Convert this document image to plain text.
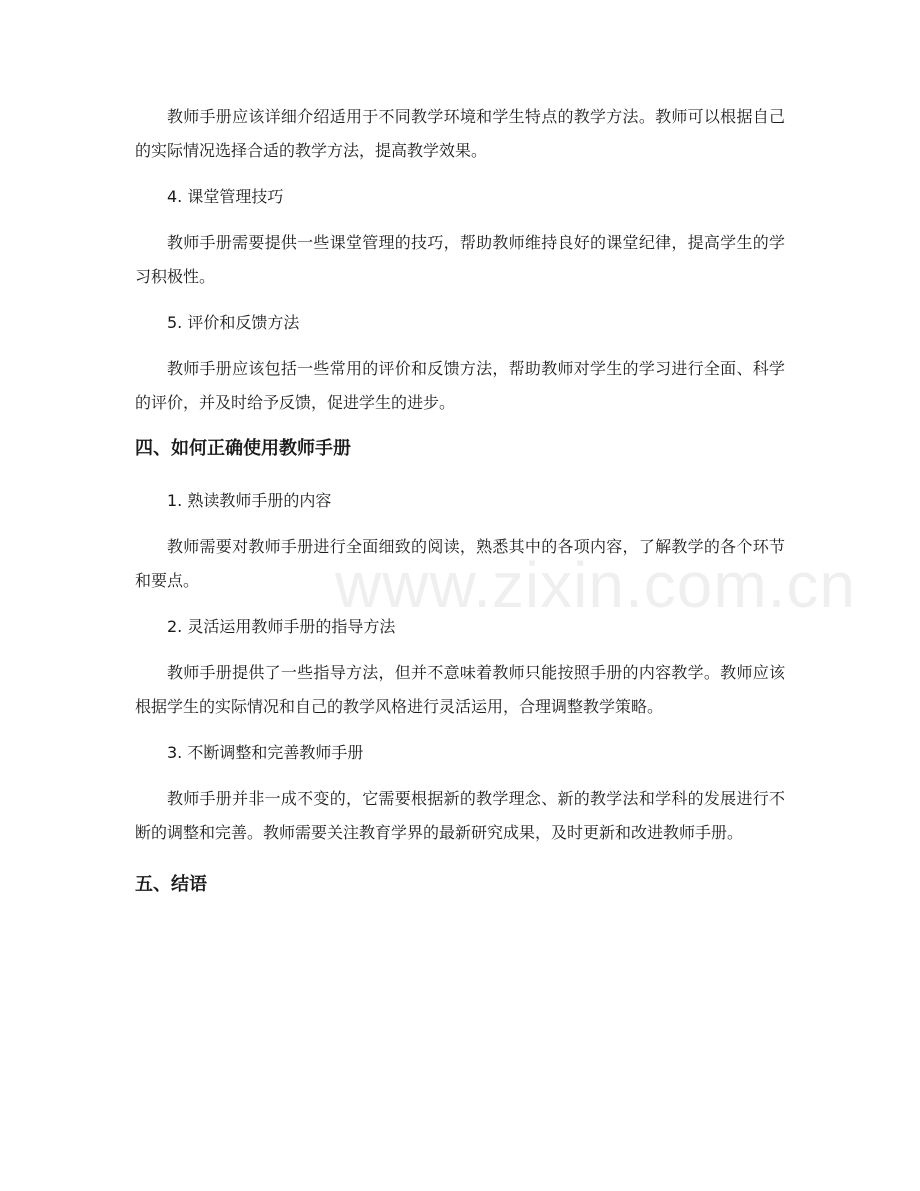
www.zixin.com.cn

教师手册应该详细介绍适用于不同教学环境和学生特点的教学方法。教师可以根据自己的实际情况选择合适的教学方法，提高教学效果。

4. 课堂管理技巧

教师手册需要提供一些课堂管理的技巧，帮助教师维持良好的课堂纪律，提高学生的学习积极性。

5. 评价和反馈方法

教师手册应该包括一些常用的评价和反馈方法，帮助教师对学生的学习进行全面、科学的评价，并及时给予反馈，促进学生的进步。

四、如何正确使用教师手册

1. 熟读教师手册的内容

教师需要对教师手册进行全面细致的阅读，熟悉其中的各项内容，了解教学的各个环节和要点。

2. 灵活运用教师手册的指导方法

教师手册提供了一些指导方法，但并不意味着教师只能按照手册的内容教学。教师应该根据学生的实际情况和自己的教学风格进行灵活运用，合理调整教学策略。

3. 不断调整和完善教师手册

教师手册并非一成不变的，它需要根据新的教学理念、新的教学法和学科的发展进行不断的调整和完善。教师需要关注教育学界的最新研究成果，及时更新和改进教师手册。

五、结语
